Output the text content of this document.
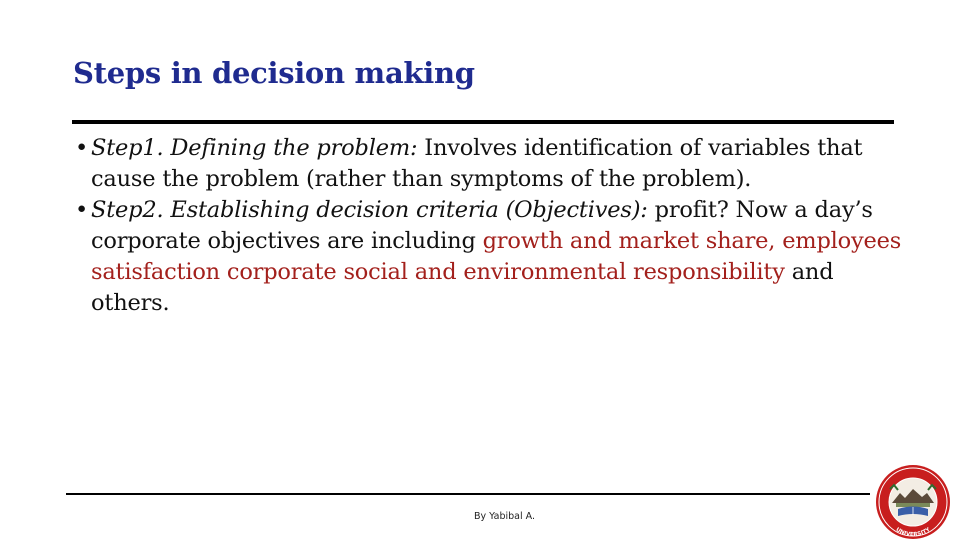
Steps in decision making
• Step1. Defining the problem: Involves identification of variables that cause the problem (rather than symptoms of the problem).
• Step2. Establishing decision criteria (Objectives): profit? Now a day’s corporate objectives are including growth and market share, employees satisfaction corporate social and environmental responsibility and others.
By Yabibal A.
UNIVERSITY
